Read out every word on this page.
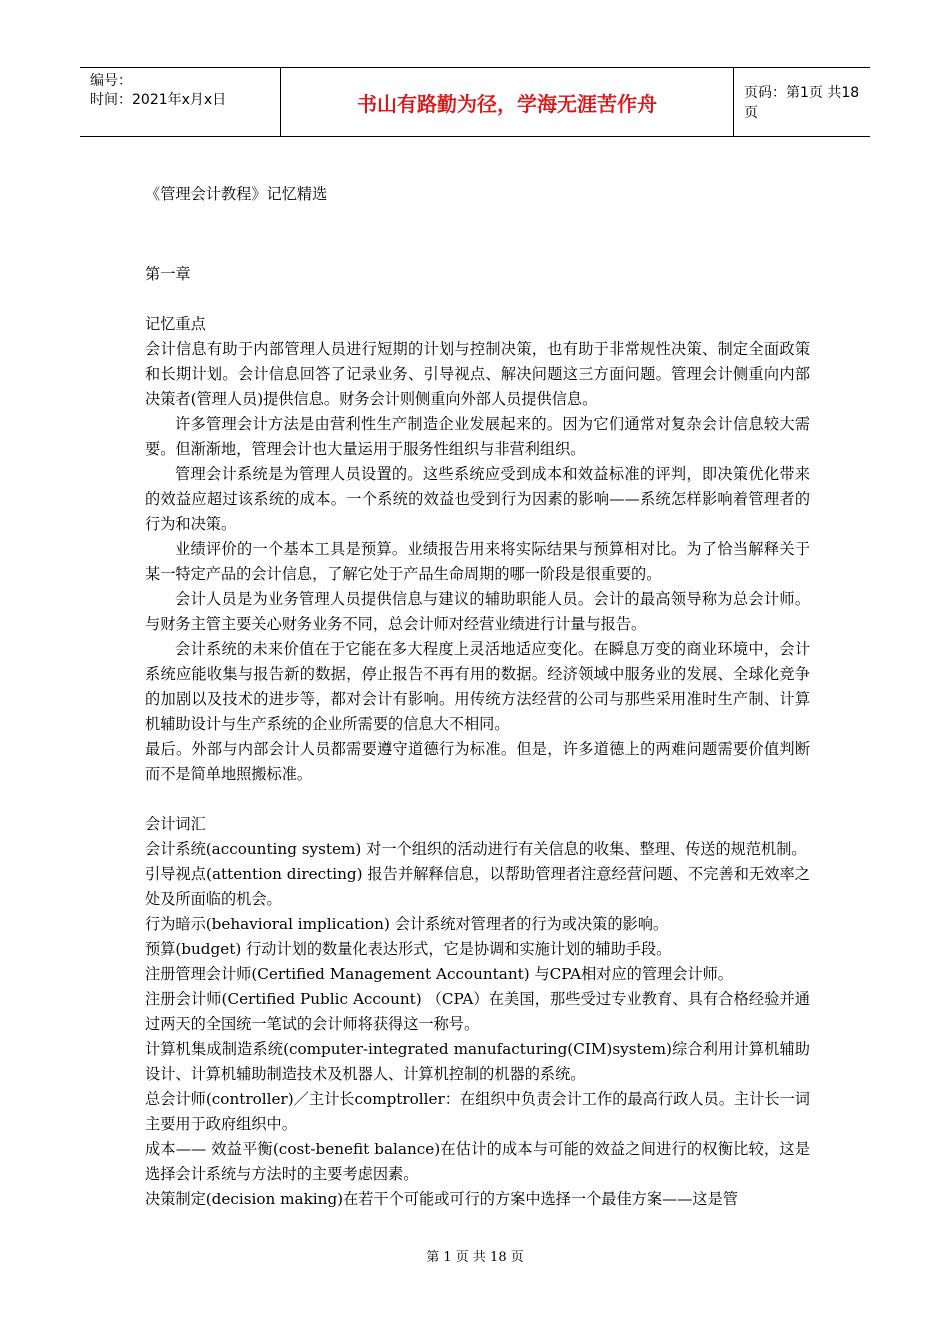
编号：
时间：2021年x月x日	书山有路勤为径，学海无涯苦作舟	页码：第1页 共18页

《管理会计教程》记忆精选

第一章

记忆重点

会计信息有助于内部管理人员进行短期的计划与控制决策，也有助于非常规性决策、制定全面政策和长期计划。会计信息回答了记录业务、引导视点、解决问题这三方面问题。管理会计侧重向内部决策者(管理人员)提供信息。财务会计则侧重向外部人员提供信息。

许多管理会计方法是由营利性生产制造企业发展起来的。因为它们通常对复杂会计信息较大需要。但渐渐地，管理会计也大量运用于服务性组织与非营利组织。

管理会计系统是为管理人员设置的。这些系统应受到成本和效益标准的评判，即决策优化带来的效益应超过该系统的成本。一个系统的效益也受到行为因素的影响——系统怎样影响着管理者的行为和决策。

业绩评价的一个基本工具是预算。业绩报告用来将实际结果与预算相对比。为了恰当解释关于某一特定产品的会计信息，了解它处于产品生命周期的哪一阶段是很重要的。

会计人员是为业务管理人员提供信息与建议的辅助职能人员。会计的最高领导称为总会计师。与财务主管主要关心财务业务不同，总会计师对经营业绩进行计量与报告。

会计系统的未来价值在于它能在多大程度上灵活地适应变化。在瞬息万变的商业环境中，会计系统应能收集与报告新的数据，停止报告不再有用的数据。经济领域中服务业的发展、全球化竞争的加剧以及技术的进步等，都对会计有影响。用传统方法经营的公司与那些采用准时生产制、计算机辅助设计与生产系统的企业所需要的信息大不相同。

最后。外部与内部会计人员都需要遵守道德行为标准。但是，许多道德上的两难问题需要价值判断而不是简单地照搬标准。

会计词汇

会计系统(accounting system) 对一个组织的活动进行有关信息的收集、整理、传送的规范机制。

引导视点(attention directing) 报告并解释信息，以帮助管理者注意经营问题、不完善和无效率之处及所面临的机会。

行为暗示(behavioral implication) 会计系统对管理者的行为或决策的影响。

预算(budget) 行动计划的数量化表达形式，它是协调和实施计划的辅助手段。

注册管理会计师(Certified Management Accountant) 与CPA相对应的管理会计师。

注册会计师(Certified Public Account) （CPA）在美国，那些受过专业教育、具有合格经验并通过两天的全国统一笔试的会计师将获得这一称号。

计算机集成制造系统(computer-integrated manufacturing(CIM)system)综合利用计算机辅助设计、计算机辅助制造技术及机器人、计算机控制的机器的系统。

总会计师(controller)／主计长comptroller：在组织中负责会计工作的最高行政人员。主计长一词主要用于政府组织中。

成本—— 效益平衡(cost-benefit balance)在估计的成本与可能的效益之间进行的权衡比较，这是选择会计系统与方法时的主要考虑因素。

决策制定(decision making)在若干个可能或可行的方案中选择一个最佳方案——这是管

第 1 页 共 18 页
